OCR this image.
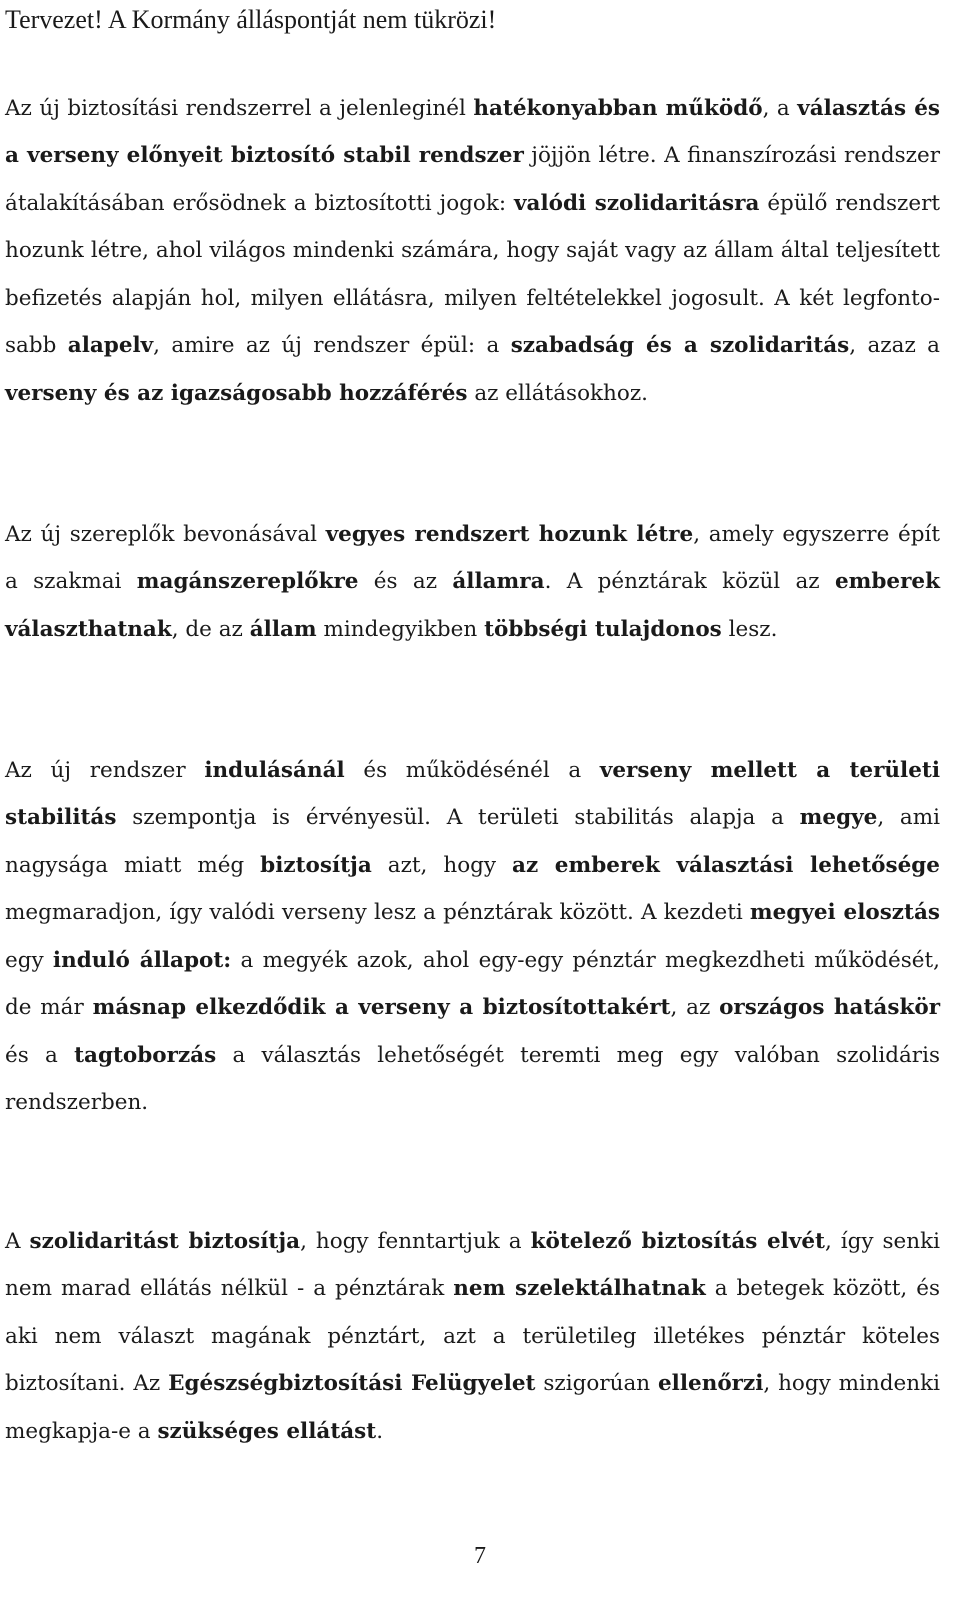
Tervezet! A Kormány álláspontját nem tükrözi!

Az új biztosítási rendszerrel a jelenleginél hatékonyabban működő, a választás és a verseny előnyeit biztosító stabil rendszer jöjjön létre. A finanszírozási rendszer átalakításában erősödnek a biztosítotti jogok: valódi szolidaritásra épülő rendszert hozunk létre, ahol világos mindenki számára, hogy saját vagy az állam által teljesített befizetés alapján hol, milyen ellátásra, milyen feltételekkel jogosult. A két legfontosabb alapelv, amire az új rendszer épül: a szabadság és a szolidaritás, azaz a verseny és az igazságosabb hozzáférés az ellátásokhoz.

Az új szereplők bevonásával vegyes rendszert hozunk létre, amely egyszerre épít a szakmai magánszereplőkre és az államra. A pénztárak közül az emberek választhatnak, de az állam mindegyikben többségi tulajdonos lesz.

Az új rendszer indulásánál és működésénél a verseny mellett a területi stabilitás szempontja is érvényesül. A területi stabilitás alapja a megye, ami nagysága miatt még biztosítja azt, hogy az emberek választási lehetősége megmaradjon, így valódi verseny lesz a pénztárak között. A kezdeti megyei elosztás egy induló állapot: a megyék azok, ahol egy-egy pénztár megkezdheti működését, de már másnap elkezdődik a verseny a biztosítottakért, az országos hatáskör és a tagtoborzás a választás lehetőségét teremti meg egy valóban szolidáris rendszerben.

A szolidaritást biztosítja, hogy fenntartjuk a kötelező biztosítás elvét, így senki nem marad ellátás nélkül - a pénztárak nem szelektálhatnak a betegek között, és aki nem választ magának pénztárt, azt a területileg illetékes pénztár köteles biztosítani. Az Egészségbiztosítási Felügyelet szigorúan ellenőrzi, hogy mindenki megkapja-e a szükséges ellátást.

7
